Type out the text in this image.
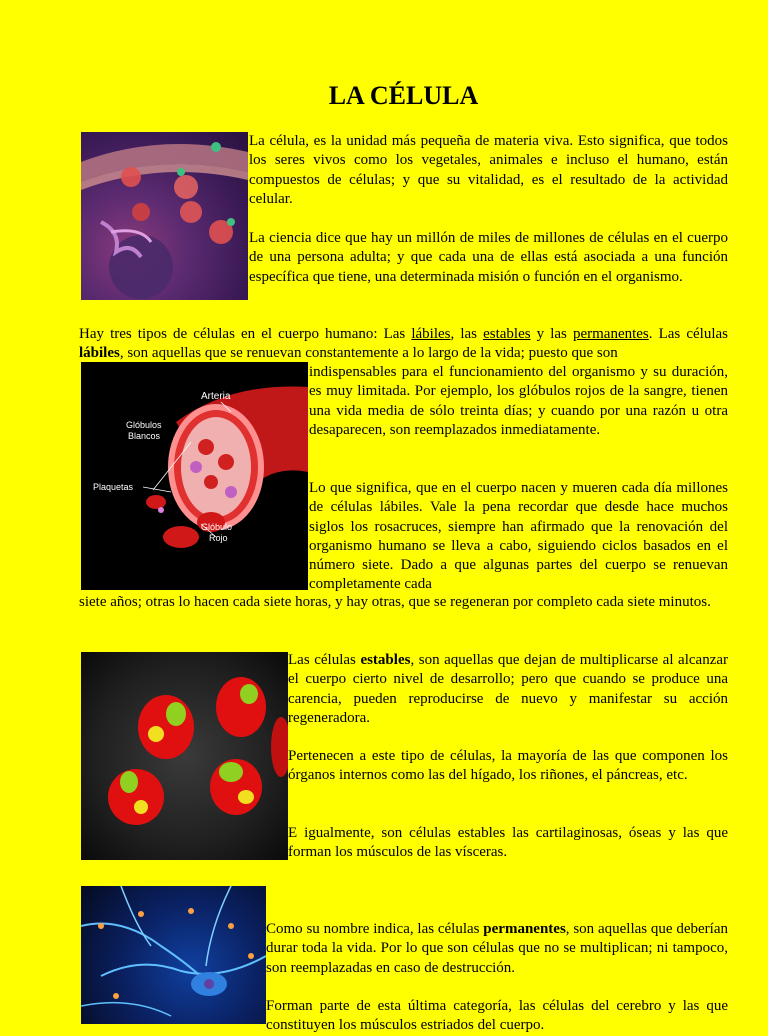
LA CÉLULA

La célula, es la unidad más pequeña de materia viva. Esto significa, que todos los seres vivos como los vegetales, animales e incluso el humano, están compuestos de células; y que su vitalidad, es el resultado de la actividad celular.

La ciencia dice que hay un millón de miles de millones de células en el cuerpo de una persona adulta; y que cada una de ellas está asociada a una función específica que tiene, una determinada misión o función en el organismo.

Hay tres tipos de células en el cuerpo humano: Las lábiles, las estables y las permanentes. Las células lábiles, son aquellas que se renuevan constantemente a lo largo de la vida; puesto que son

Arteria
Glóbulos
Blancos
Plaquetas
Glóbulo
Rojo

indispensables para el funcionamiento del organismo y su duración, es muy limitada. Por ejemplo, los glóbulos rojos de la sangre, tienen una vida media de sólo treinta días; y cuando por una razón u otra desaparecen, son reemplazados inmediatamente.

Lo que significa, que en el cuerpo nacen y mueren cada día millones de células lábiles. Vale la pena recordar que desde hace muchos siglos los rosacruces, siempre han afirmado que la renovación del organismo humano se lleva a cabo, siguiendo ciclos basados en el número siete. Dado a que algunas partes del cuerpo se renuevan completamente cada

siete años; otras lo hacen cada siete horas, y hay otras, que se regeneran por completo cada siete minutos.

Las células estables, son aquellas que dejan de multiplicarse al alcanzar el cuerpo cierto nivel de desarrollo; pero que cuando se produce una carencia, pueden reproducirse de nuevo y manifestar su acción regeneradora.

Pertenecen a este tipo de células, la mayoría de las que componen los órganos internos como las del hígado, los riñones, el páncreas, etc.

E igualmente, son células estables las cartilaginosas, óseas y las que forman los músculos de las vísceras.

Como su nombre indica, las células permanentes, son aquellas que deberían durar toda la vida. Por lo que son células que no se multiplican; ni tampoco, son reemplazadas en caso de destrucción.

Forman parte de esta última categoría, las células del cerebro y las que constituyen los músculos estriados del cuerpo.
